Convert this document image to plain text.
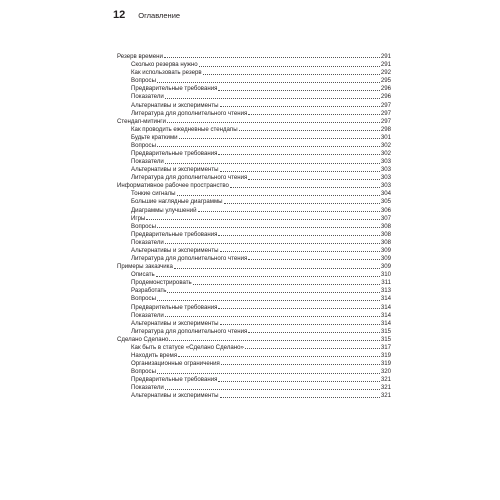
12 Оглавление
Резерв времени	291
Сколько резерва нужно	291
Как использовать резерв	292
Вопросы	295
Предварительные требования	296
Показатели	296
Альтернативы и эксперименты	297
Литература для дополнительного чтения	297
Стендап-митинги	297
Как проводить ежедневные стендапы	298
Будьте краткими	301
Вопросы	302
Предварительные требования	302
Показатели	303
Альтернативы и эксперименты	303
Литература для дополнительного чтения	303
Информативное рабочее пространство	303
Тонкие сигналы	304
Большие наглядные диаграммы	305
Диаграммы улучшений	306
Игры	307
Вопросы	308
Предварительные требования	308
Показатели	308
Альтернативы и эксперименты	309
Литература для дополнительного чтения	309
Примеры заказчика	309
Описать	310
Продемонстрировать	311
Разработать	313
Вопросы	314
Предварительные требования	314
Показатели	314
Альтернативы и эксперименты	314
Литература для дополнительного чтения	315
Сделано Сделано	315
Как быть в статусе «Сделано Сделано»	317
Находить время	319
Организационные ограничения	319
Вопросы	320
Предварительные требования	321
Показатели	321
Альтернативы и эксперименты	321
